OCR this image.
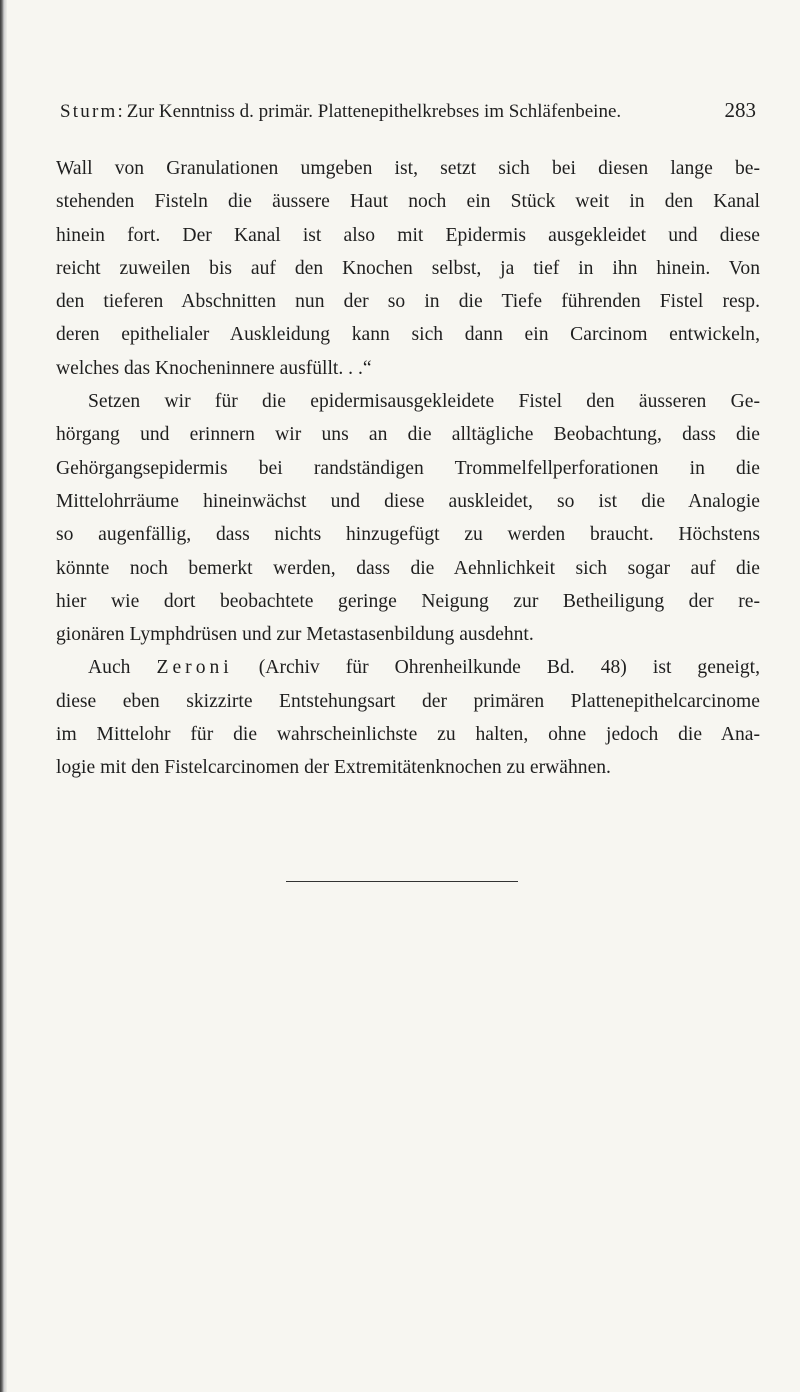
Sturm : Zur Kenntniss d. primär. Plattenepithelkrebses im Schläfenbeine.	283
Wall von Granulationen umgeben ist, setzt sich bei diesen lange be-
stehenden Fisteln die äussere Haut noch ein Stück weit in den Kanal
hinein fort. Der Kanal ist also mit Epidermis ausgekleidet und diese
reicht zuweilen bis auf den Knochen selbst, ja tief in ihn hinein. Von
den tieferen Abschnitten nun der so in die Tiefe führenden Fistel resp.
deren epithelialer Auskleidung kann sich dann ein Carcinom entwickeln,
welches das Knocheninnere ausfüllt. . .“
Setzen wir für die epidermisausgekleidete Fistel den äusseren Ge-
hörgang und erinnern wir uns an die alltägliche Beobachtung, dass die
Gehörgangsepidermis bei randständigen Trommelfellperforationen in die
Mittelohrräume hineinwächst und diese auskleidet, so ist die Analogie
so augenfällig, dass nichts hinzugefügt zu werden braucht. Höchstens
könnte noch bemerkt werden, dass die Aehnlichkeit sich sogar auf die
hier wie dort beobachtete geringe Neigung zur Betheiligung der re-
gionären Lymphdrüsen und zur Metastasenbildung ausdehnt.
Auch Zeroni (Archiv für Ohrenheilkunde Bd. 48) ist geneigt,
diese eben skizzirte Entstehungsart der primären Plattenepithelcarcinome
im Mittelohr für die wahrscheinlichste zu halten, ohne jedoch die Ana-
logie mit den Fistelcarcinomen der Extremitätenknochen zu erwähnen.
